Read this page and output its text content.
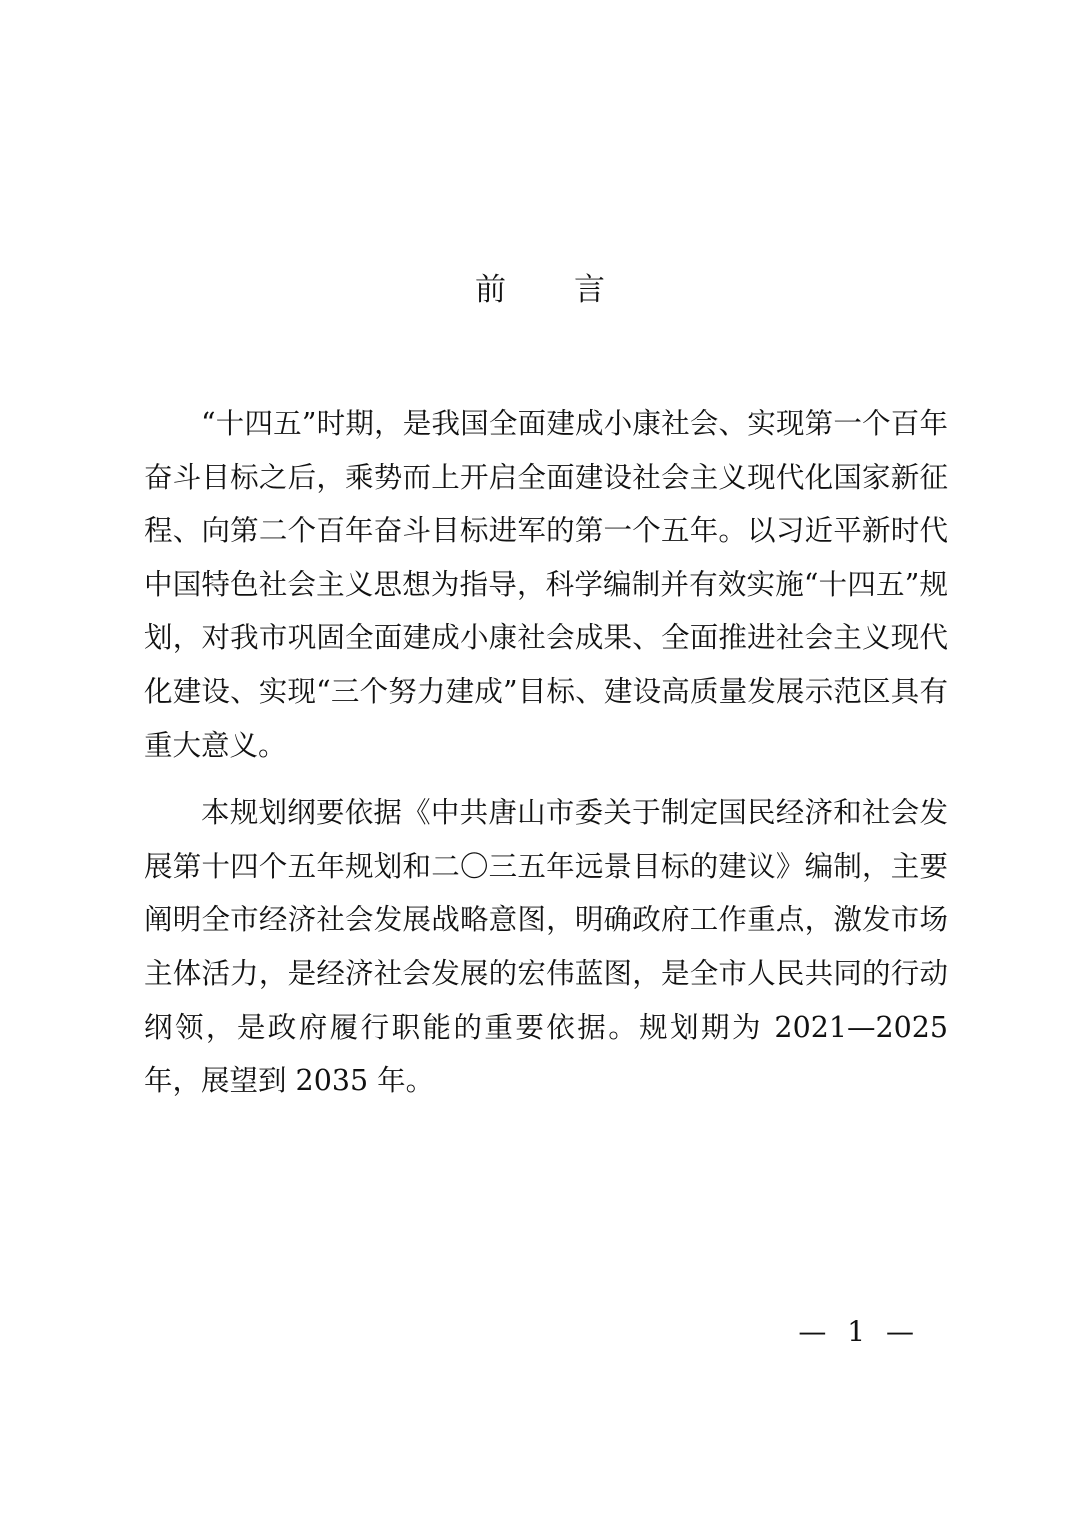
前 言

“十四五”时期，是我国全面建成小康社会、实现第一个百年奋斗目标之后，乘势而上开启全面建设社会主义现代化国家新征程、向第二个百年奋斗目标进军的第一个五年。以习近平新时代中国特色社会主义思想为指导，科学编制并有效实施“十四五”规划，对我市巩固全面建成小康社会成果、全面推进社会主义现代化建设、实现“三个努力建成”目标、建设高质量发展示范区具有重大意义。

本规划纲要依据《中共唐山市委关于制定国民经济和社会发展第十四个五年规划和二〇三五年远景目标的建议》编制，主要阐明全市经济社会发展战略意图，明确政府工作重点，激发市场主体活力，是经济社会发展的宏伟蓝图，是全市人民共同的行动纲领，是政府履行职能的重要依据。规划期为 2021—2025 年，展望到 2035 年。

— 1 —
